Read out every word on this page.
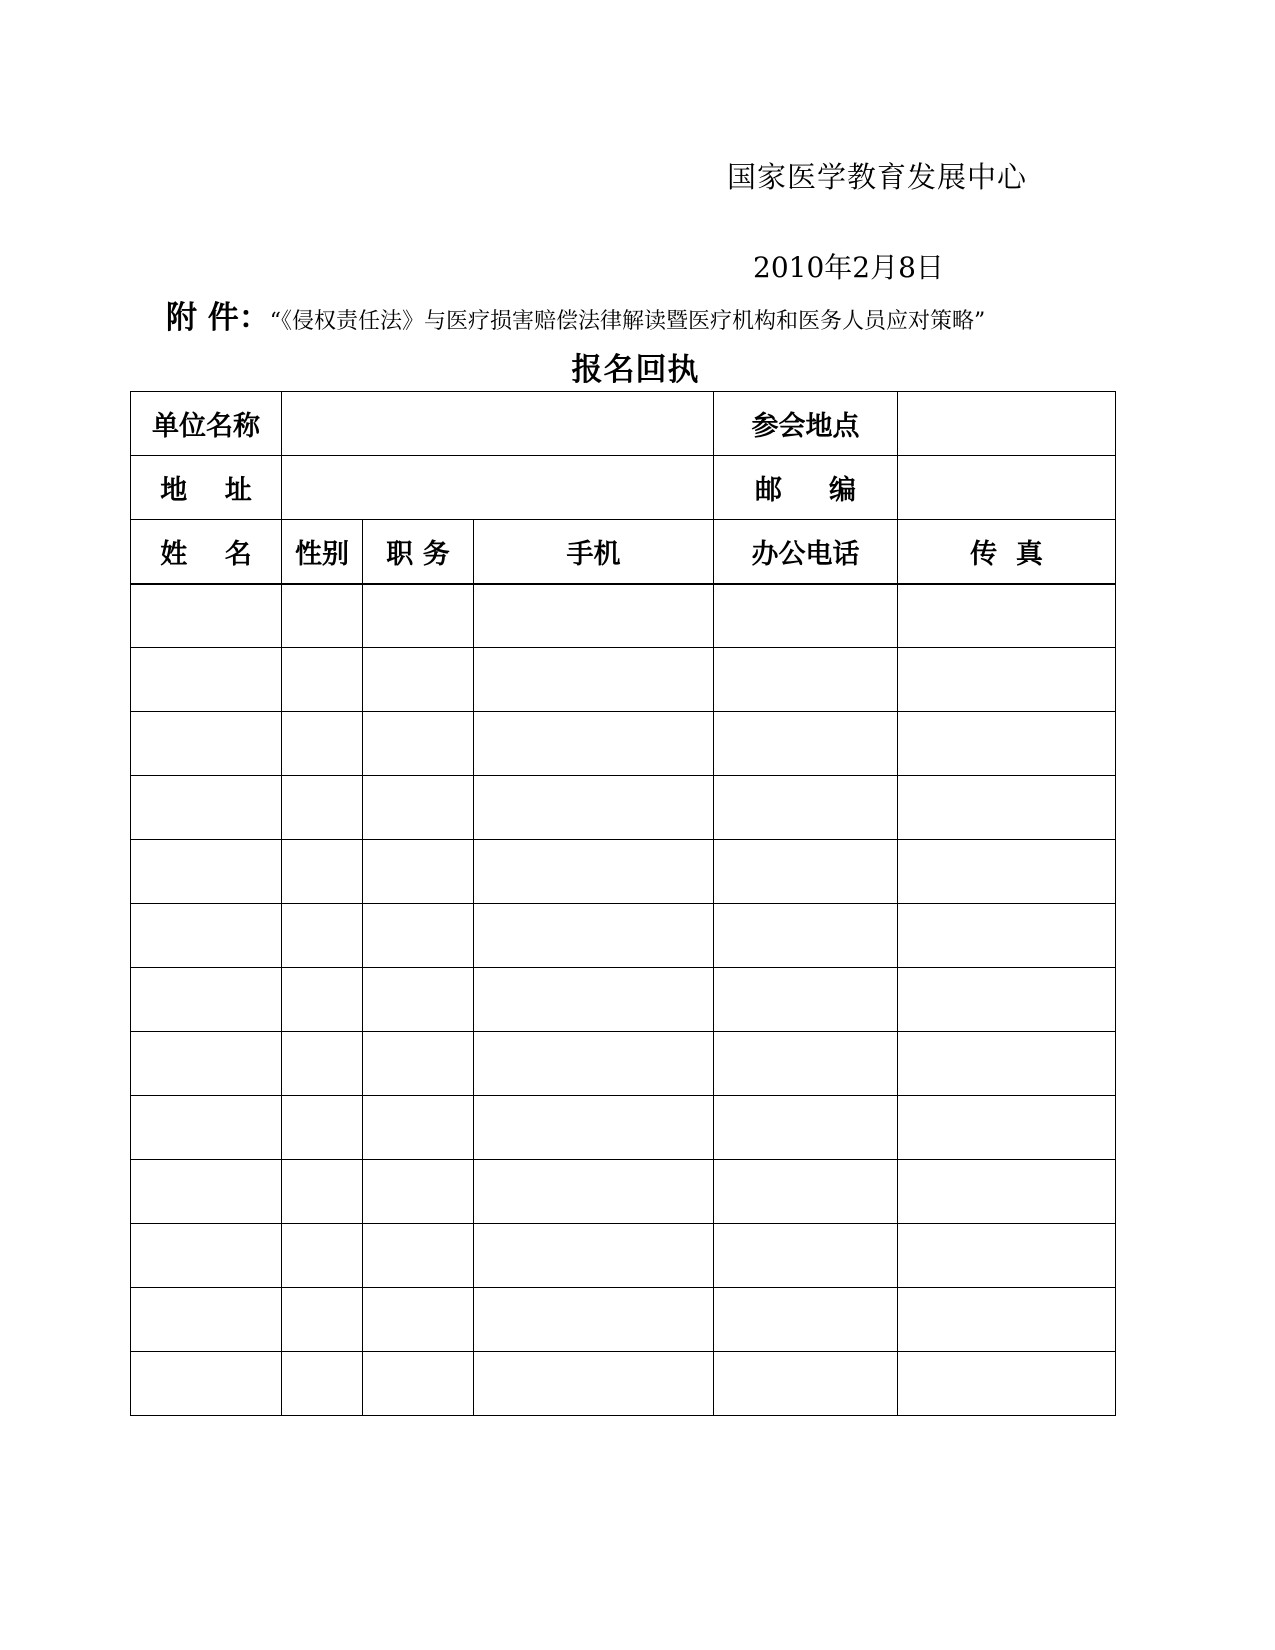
国家医学教育发展中心
2010年2月8日
附 件：“《侵权责任法》与医疗损害赔偿法律解读暨医疗机构和医务人员应对策略”
报名回执
单位名称				参会地点	
地    址				邮     编	
姓    名	性别	职 务	手机	办公电话	传  真
